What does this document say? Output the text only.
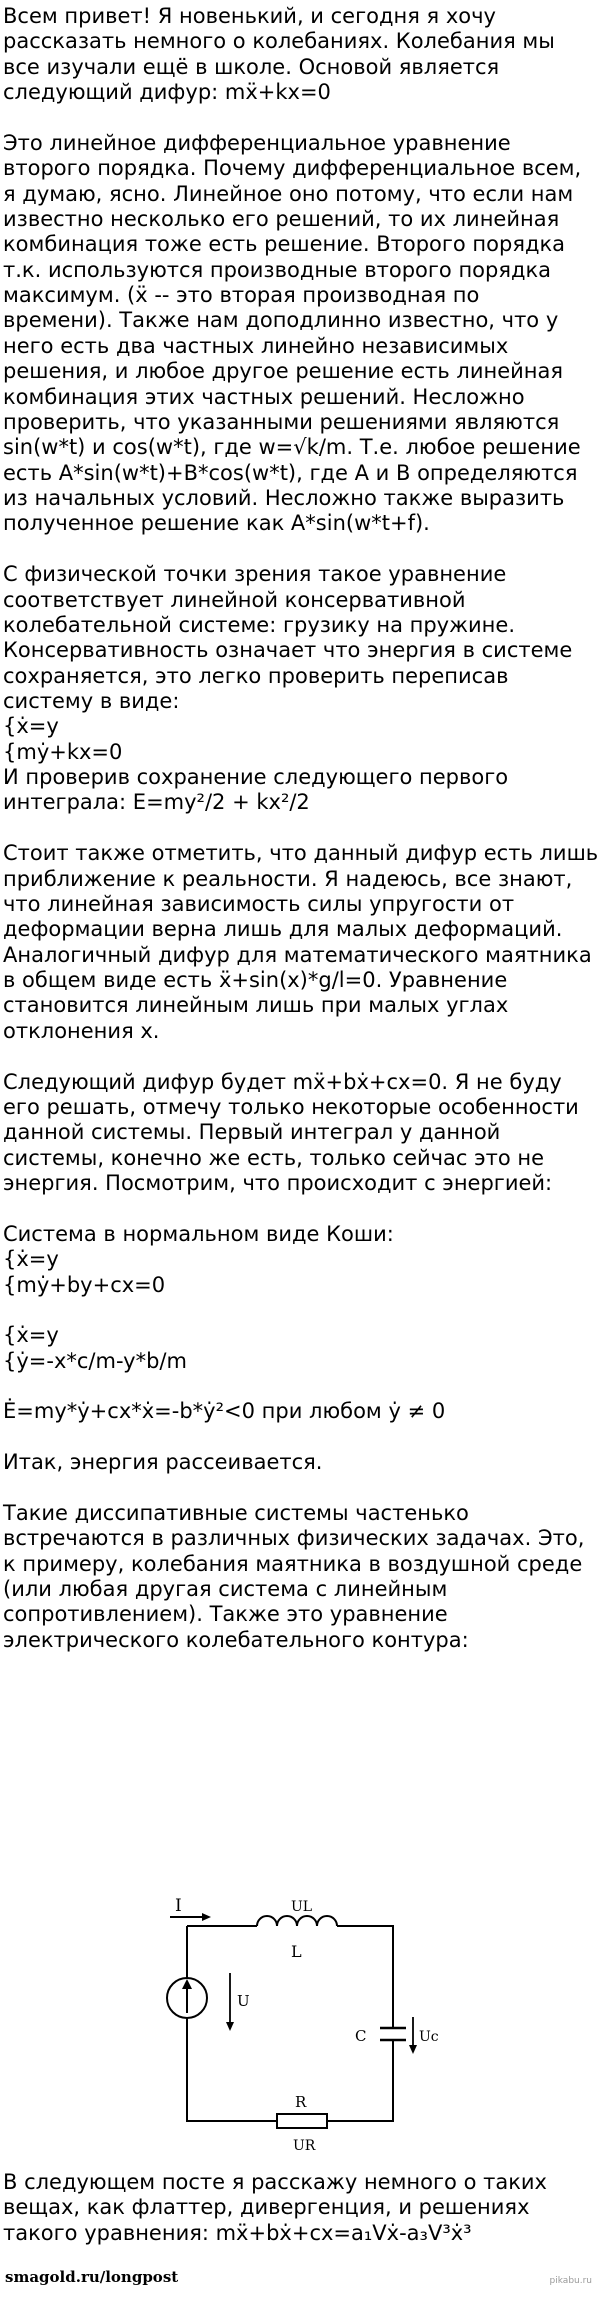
Всем привет! Я новенький, и сегодня я хочу
рассказать немного о колебаниях. Колебания мы
все изучали ещё в школе. Основой является
следующий дифур: mẍ+kx=0
Это линейное дифференциальное уравнение
второго порядка. Почему дифференциальное всем,
я думаю, ясно. Линейное оно потому, что если нам
известно несколько его решений, то их линейная
комбинация тоже есть решение. Второго порядка
т.к. используются производные второго порядка
максимум. (ẍ -- это вторая производная по
времени). Также нам доподлинно известно, что у
него есть два частных линейно независимых
решения, и любое другое решение есть линейная
комбинация этих частных решений. Несложно
проверить, что указанными решениями являются
sin(w*t) и cos(w*t), где w=√k/m. Т.е. любое решение
есть A*sin(w*t)+B*cos(w*t), где A и B определяются
из начальных условий. Несложно также выразить
полученное решение как A*sin(w*t+f).
С физической точки зрения такое уравнение
соответствует линейной консервативной
колебательной системе: грузику на пружине.
Консервативность означает что энергия в системе
сохраняется, это легко проверить переписав
систему в виде:
{ẋ=y
{mẏ+kx=0
И проверив сохранение следующего первого
интеграла: E=my²/2 + kx²/2
Стоит также отметить, что данный дифур есть лишь
приближение к реальности. Я надеюсь, все знают,
что линейная зависимость силы упругости от
деформации верна лишь для малых деформаций.
Аналогичный дифур для математического маятника
в общем виде есть ẍ+sin(x)*g/l=0. Уравнение
становится линейным лишь при малых углах
отклонения x.
Следующий дифур будет mẍ+bẋ+cx=0. Я не буду
его решать, отмечу только некоторые особенности
данной системы. Первый интеграл у данной
системы, конечно же есть, только сейчас это не
энергия. Посмотрим, что происходит с энергией:
Система в нормальном виде Коши:
{ẋ=y
{mẏ+by+cx=0
{ẋ=y
{ẏ=-x*c/m-y*b/m
Ė=my*ẏ+cx*ẋ=-b*ẏ²<0 при любом ẏ ≠ 0
Итак, энергия рассеивается.
Такие диссипативные системы частенько
встречаются в различных физических задачах. Это,
к примеру, колебания маятника в воздушной среде
(или любая другая система с линейным
сопротивлением). Также это уравнение
электрического колебательного контура:
I	UL
L
C	Uc
U
R
UR
В следующем посте я расскажу немного о таких
вещах, как флаттер, дивергенция, и решениях
такого уравнения: mẍ+bẋ+cx=a₁Vẋ-a₃V³ẋ³
smagold.ru/longpost	pikabu.ru
